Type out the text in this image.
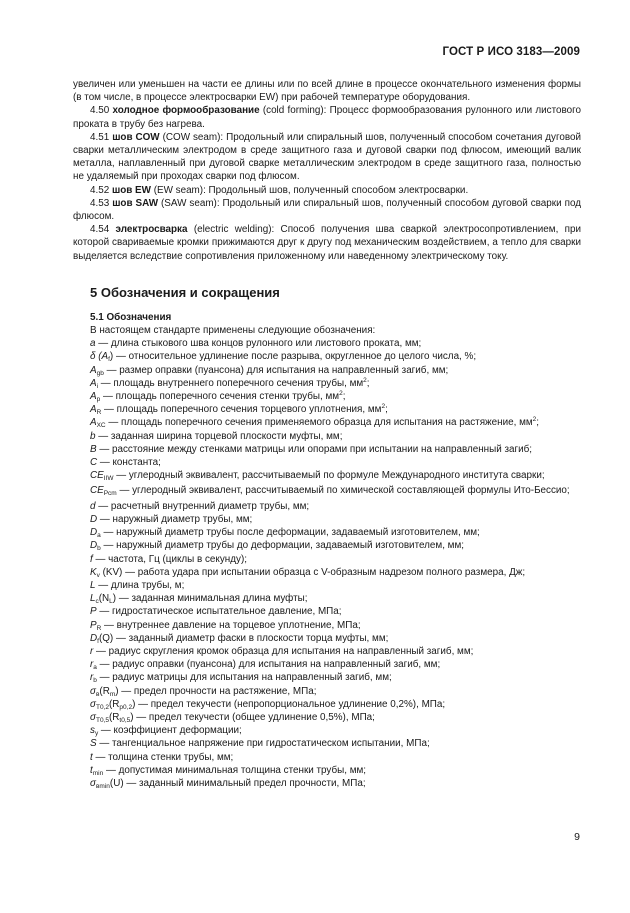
ГОСТ Р ИСО 3183—2009

увеличен или уменьшен на части ее длины или по всей длине в процессе окончательного изменения формы (в том числе, в процессе электросварки EW) при рабочей температуре оборудования.

4.50 холодное формообразование (cold forming): Процесс формообразования рулонного или листового проката в трубу без нагрева.

4.51 шов COW (COW seam): Продольный или спиральный шов, полученный способом сочетания дуговой сварки металлическим электродом в среде защитного газа и дуговой сварки под флюсом, имеющий валик металла, наплавленный при дуговой сварке металлическим электродом в среде защитного газа, полностью не удаляемый при проходах сварки под флюсом.

4.52 шов EW (EW seam): Продольный шов, полученный способом электросварки.

4.53 шов SAW (SAW seam): Продольный или спиральный шов, полученный способом дуговой сварки под флюсом.

4.54 электросварка (electric welding): Способ получения шва сваркой электросопротивлением, при которой свариваемые кромки прижимаются друг к другу под механическим воздействием, а тепло для сварки выделяется вследствие сопротивления приложенному или наведенному электрическому току.

5 Обозначения и сокращения

5.1 Обозначения

В настоящем стандарте применены следующие обозначения:

a — длина стыкового шва концов рулонного или листового проката, мм;

δ $(A_f)$ — относительное удлинение после разрыва, округленное до целого числа, %;

$A_{gb}$ — размер оправки (пуансона) для испытания на направленный загиб, мм;

$A_i$ — площадь внутреннего поперечного сечения трубы, $мм^2$;

$A_p$ — площадь поперечного сечения стенки трубы, $мм^2$;

$A_R$ — площадь поперечного сечения торцевого уплотнения, $мм^2$;

$A_{XC}$ — площадь поперечного сечения применяемого образца для испытания на растяжение, $мм^2$;

b — заданная ширина торцевой плоскости муфты, мм;

B — расстояние между стенками матрицы или опорами при испытании на направленный загиб;

C — константа;

$CE_{IIW}$ — углеродный эквивалент, рассчитываемый по формуле Международного института сварки;

$CE_{Pcm}$ — углеродный эквивалент, рассчитываемый по химической составляющей формулы Ито-Бессио;

d — расчетный внутренний диаметр трубы, мм;

D — наружный диаметр трубы, мм;

$D_a$ — наружный диаметр трубы после деформации, задаваемый изготовителем, мм;

$D_b$ — наружный диаметр трубы до деформации, задаваемый изготовителем, мм;

f — частота, Гц (циклы в секунду);

$K_v$ (KV) — работа удара при испытании образца с V-образным надрезом полного размера, Дж;

L — длина трубы, м;

$L_c(N_L)$ — заданная минимальная длина муфты;

P — гидростатическое испытательное давление, МПа;

$P_R$ — внутреннее давление на торцевое уплотнение, МПа;

$D_f(Q)$ — заданный диаметр фаски в плоскости торца муфты, мм;

r — радиус скругления кромок образца для испытания на направленный загиб, мм;

$r_a$ — радиус оправки (пуансона) для испытания на направленный загиб, мм;

$r_b$ — радиус матрицы для испытания на направленный загиб, мм;

$\sigma_в(R_m)$ — предел прочности на растяжение, МПа;

$\sigma_{T0,2}(R_{p0,2})$ — предел текучести (непропорциональное удлинение 0,2%), МПа;

$\sigma_{T0,5}(R_{t0,5})$ — предел текучести (общее удлинение 0,5%), МПа;

$s_y$ — коэффициент деформации;

S — тангенциальное напряжение при гидростатическом испытании, МПа;

t — толщина стенки трубы, мм;

$t_{min}$ — допустимая минимальная толщина стенки трубы, мм;

$\sigma_{вmin}(U)$ — заданный минимальный предел прочности, МПа;

9
